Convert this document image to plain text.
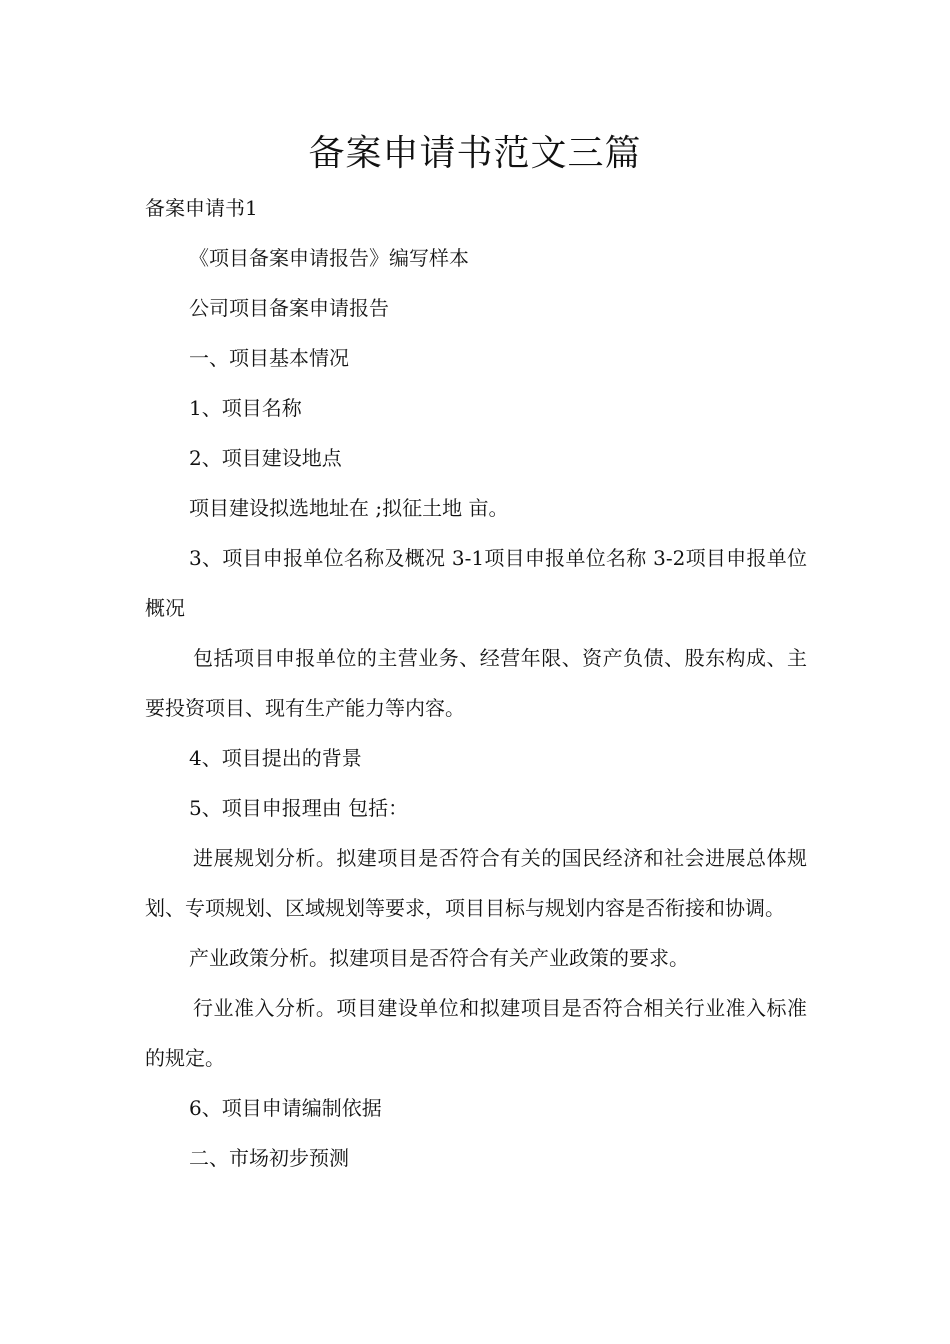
备案申请书范文三篇

备案申请书1

《项目备案申请报告》编写样本

公司项目备案申请报告

一、项目基本情况

1、项目名称

2、项目建设地点

项目建设拟选地址在 ;拟征土地 亩。

3、项目申报单位名称及概况 3-1项目申报单位名称 3-2项目申报单位概况

包括项目申报单位的主营业务、经营年限、资产负债、股东构成、主要投资项目、现有生产能力等内容。

4、项目提出的背景

5、项目申报理由 包括：

进展规划分析。拟建项目是否符合有关的国民经济和社会进展总体规划、专项规划、区域规划等要求，项目目标与规划内容是否衔接和协调。

产业政策分析。拟建项目是否符合有关产业政策的要求。

行业准入分析。项目建设单位和拟建项目是否符合相关行业准入标准的规定。

6、项目申请编制依据

二、市场初步预测
